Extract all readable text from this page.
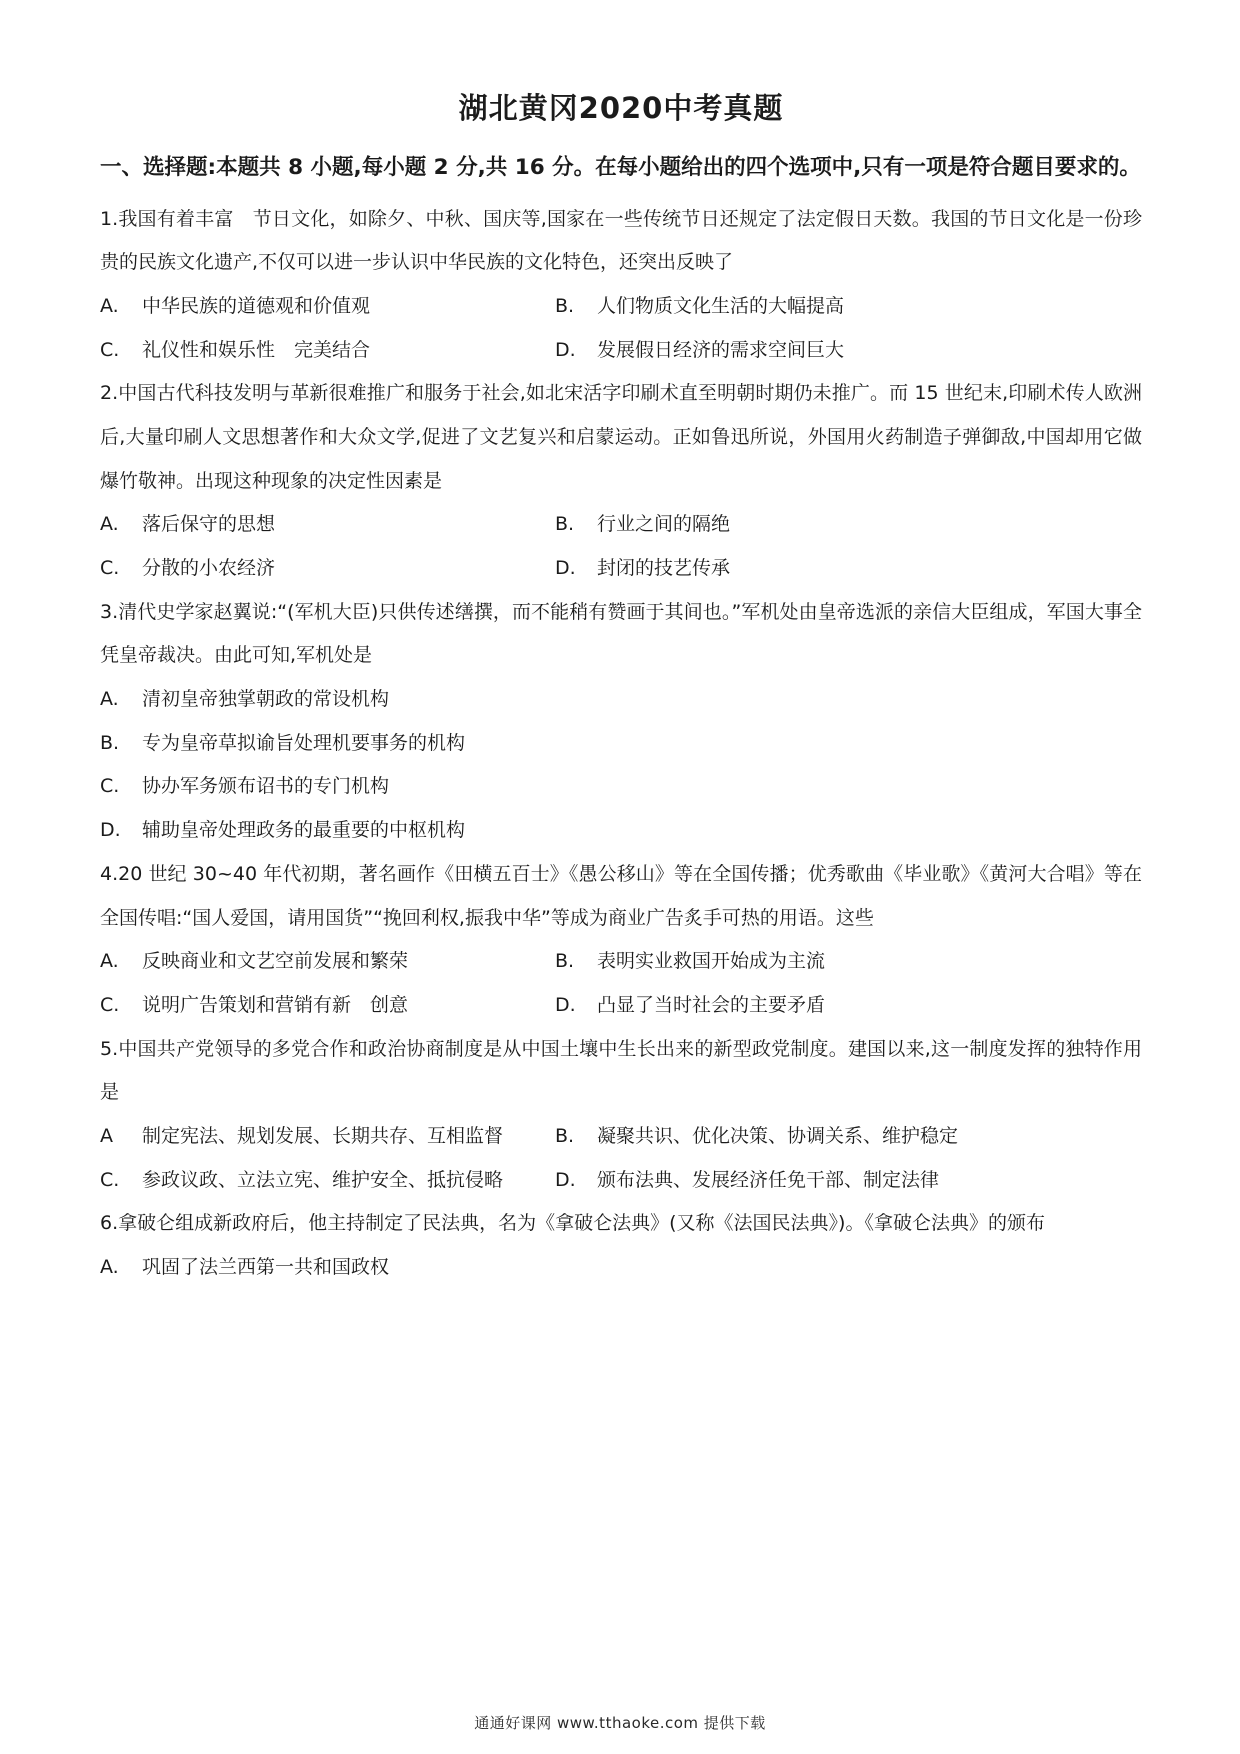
湖北黄冈2020中考真题

一、选择题:本题共 8 小题,每小题 2 分,共 16 分。在每小题给出的四个选项中,只有一项是符合题目要求的。

1.我国有着丰富　节日文化，如除夕、中秋、国庆等,国家在一些传统节日还规定了法定假日天数。我国的节日文化是一份珍贵的民族文化遗产,不仅可以进一步认识中华民族的文化特色，还突出反映了

A. 中华民族的道德观和价值观	B. 人们物质文化生活的大幅提高
C. 礼仪性和娱乐性　完美结合	D. 发展假日经济的需求空间巨大

2.中国古代科技发明与革新很难推广和服务于社会,如北宋活字印刷术直至明朝时期仍未推广。而 15 世纪末,印刷术传人欧洲后,大量印刷人文思想著作和大众文学,促进了文艺复兴和启蒙运动。正如鲁迅所说，外国用火药制造子弹御敌,中国却用它做爆竹敬神。出现这种现象的决定性因素是

A. 落后保守的思想	B. 行业之间的隔绝
C. 分散的小农经济	D. 封闭的技艺传承

3.清代史学家赵翼说:“(军机大臣)只供传述缮撰，而不能稍有赞画于其间也。”军机处由皇帝选派的亲信大臣组成，军国大事全凭皇帝裁决。由此可知,军机处是

A. 清初皇帝独掌朝政的常设机构
B. 专为皇帝草拟谕旨处理机要事务的机构
C. 协办军务颁布诏书的专门机构
D. 辅助皇帝处理政务的最重要的中枢机构

4.20 世纪 30~40 年代初期，著名画作《田横五百士》《愚公移山》等在全国传播；优秀歌曲《毕业歌》《黄河大合唱》等在全国传唱:“国人爱国，请用国货”“挽回利权,振我中华”等成为商业广告炙手可热的用语。这些

A. 反映商业和文艺空前发展和繁荣	B. 表明实业救国开始成为主流
C. 说明广告策划和营销有新　创意	D. 凸显了当时社会的主要矛盾

5.中国共产党领导的多党合作和政治协商制度是从中国土壤中生长出来的新型政党制度。建国以来,这一制度发挥的独特作用是

A	制定宪法、规划发展、长期共存、互相监督	B. 凝聚共识、优化决策、协调关系、维护稳定
C. 参政议政、立法立宪、维护安全、抵抗侵略	D. 颁布法典、发展经济任免干部、制定法律

6.拿破仑组成新政府后，他主持制定了民法典，名为《拿破仑法典》(又称《法国民法典》)。《拿破仑法典》的颁布

A. 巩固了法兰西第一共和国政权
通通好课网 www.tthaoke.com 提供下载
